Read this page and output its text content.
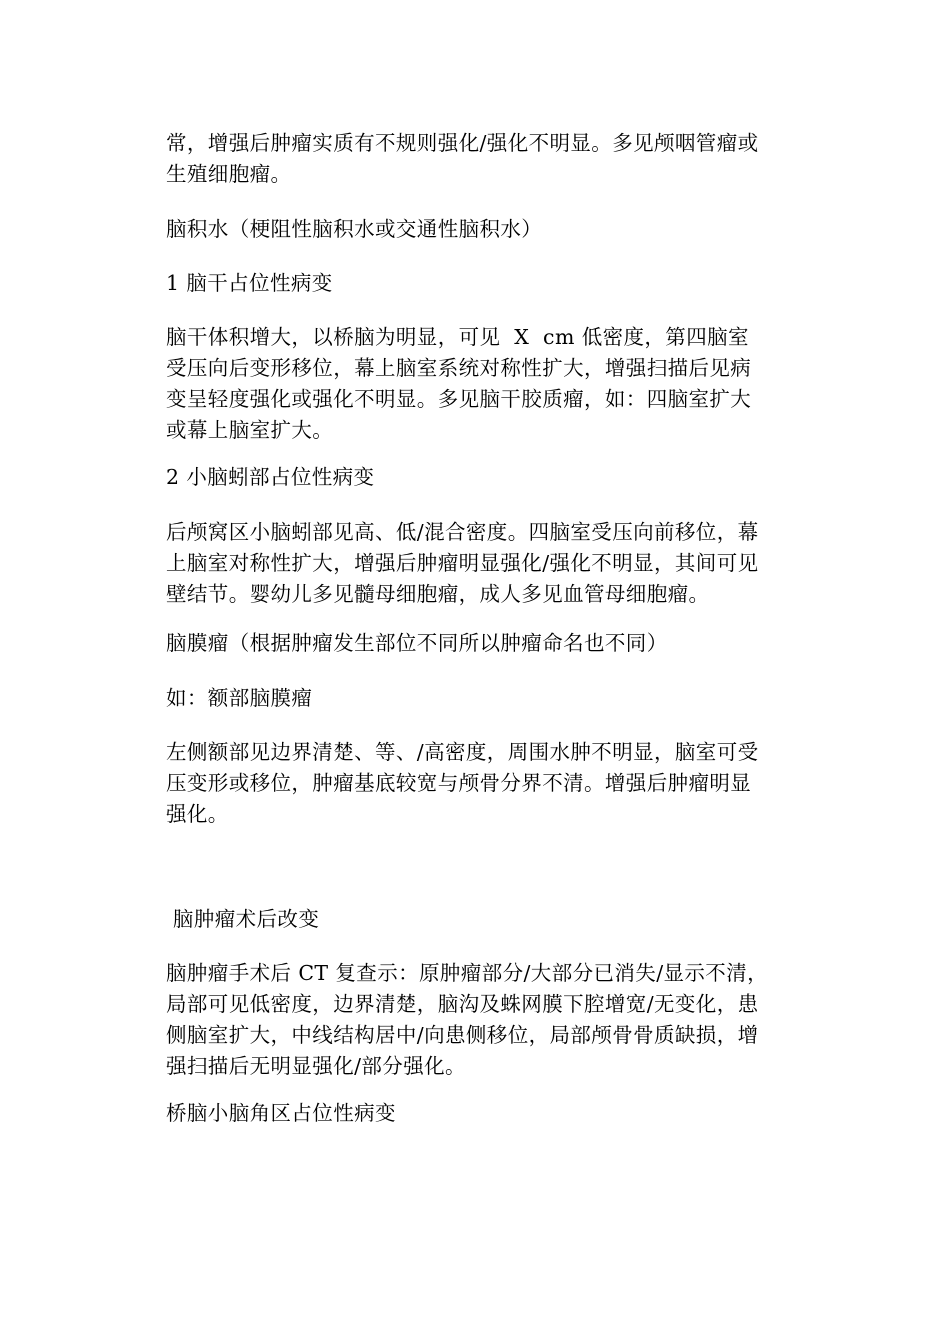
常，增强后肿瘤实质有不规则强化/强化不明显。多见颅咽管瘤或
生殖细胞瘤。
脑积水（梗阻性脑积水或交通性脑积水）
1 脑干占位性病变
脑干体积增大，以桥脑为明显，可见  X  cm 低密度，第四脑室
受压向后变形移位，幕上脑室系统对称性扩大，增强扫描后见病
变呈轻度强化或强化不明显。多见脑干胶质瘤，如：四脑室扩大
或幕上脑室扩大。
2 小脑蚓部占位性病变
后颅窝区小脑蚓部见高、低/混合密度。四脑室受压向前移位，幕
上脑室对称性扩大，增强后肿瘤明显强化/强化不明显，其间可见
壁结节。婴幼儿多见髓母细胞瘤，成人多见血管母细胞瘤。
脑膜瘤（根据肿瘤发生部位不同所以肿瘤命名也不同）
如：额部脑膜瘤
左侧额部见边界清楚、等、/高密度，周围水肿不明显，脑室可受
压变形或移位，肿瘤基底较宽与颅骨分界不清。增强后肿瘤明显
强化。
脑肿瘤术后改变
脑肿瘤手术后 CT 复查示：原肿瘤部分/大部分已消失/显示不清，
局部可见低密度，边界清楚，脑沟及蛛网膜下腔增宽/无变化，患
侧脑室扩大，中线结构居中/向患侧移位，局部颅骨骨质缺损，增
强扫描后无明显强化/部分强化。
桥脑小脑角区占位性病变
